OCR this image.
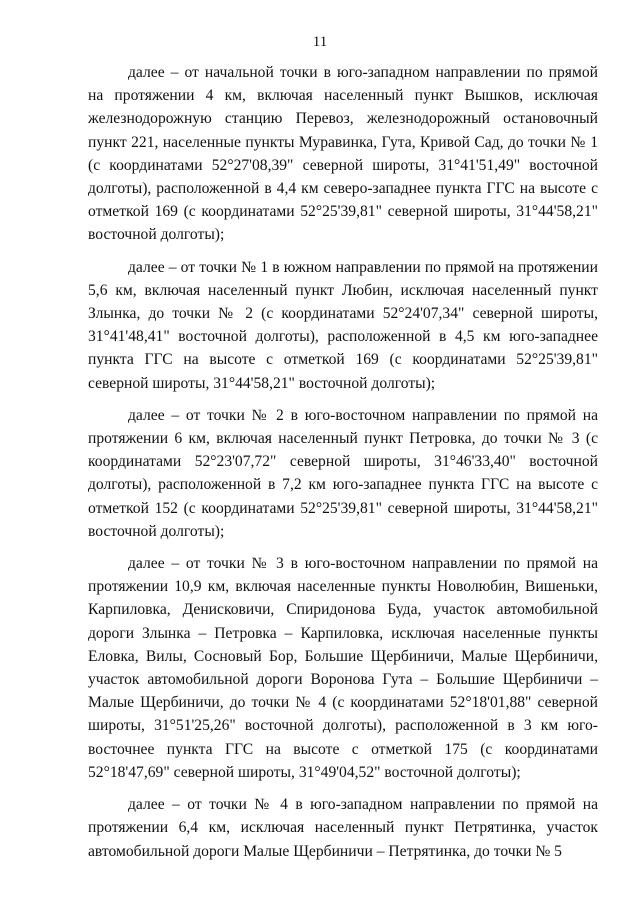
11

далее – от начальной точки в юго-западном направлении по прямой на протяжении 4 км, включая населенный пункт Вышков, исключая железнодорожную станцию Перевоз, железнодорожный остановочный пункт 221, населенные пункты Муравинка, Гута, Кривой Сад, до точки № 1 (с координатами 52°27'08,39" северной широты, 31°41'51,49" восточной долготы), расположенной в 4,4 км северо-западнее пункта ГГС на высоте с отметкой 169 (с координатами 52°25'39,81" северной широты, 31°44'58,21" восточной долготы);

далее – от точки № 1 в южном направлении по прямой на протяжении 5,6 км, включая населенный пункт Любин, исключая населенный пункт Злынка, до точки № 2 (с координатами 52°24'07,34" северной широты, 31°41'48,41" восточной долготы), расположенной в 4,5 км юго-западнее пункта ГГС на высоте с отметкой 169 (с координатами 52°25'39,81" северной широты, 31°44'58,21" восточной долготы);

далее – от точки № 2 в юго-восточном направлении по прямой на протяжении 6 км, включая населенный пункт Петровка, до точки № 3 (с координатами 52°23'07,72" северной широты, 31°46'33,40" восточной долготы), расположенной в 7,2 км юго-западнее пункта ГГС на высоте с отметкой 152 (с координатами 52°25'39,81" северной широты, 31°44'58,21" восточной долготы);

далее – от точки № 3 в юго-восточном направлении по прямой на протяжении 10,9 км, включая населенные пункты Новолюбин, Вишеньки, Карпиловка, Денисковичи, Спиридонова Буда, участок автомобильной дороги Злынка – Петровка – Карпиловка, исключая населенные пункты Еловка, Вилы, Сосновый Бор, Большие Щербиничи, Малые Щербиничи, участок автомобильной дороги Воронова Гута – Большие Щербиничи – Малые Щербиничи, до точки № 4 (с координатами 52°18'01,88" северной широты, 31°51'25,26" восточной долготы), расположенной в 3 км юго-восточнее пункта ГГС на высоте с отметкой 175 (с координатами 52°18'47,69" северной широты, 31°49'04,52" восточной долготы);

далее – от точки № 4 в юго-западном направлении по прямой на протяжении 6,4 км, исключая населенный пункт Петрятинка, участок автомобильной дороги Малые Щербиничи – Петрятинка, до точки № 5
